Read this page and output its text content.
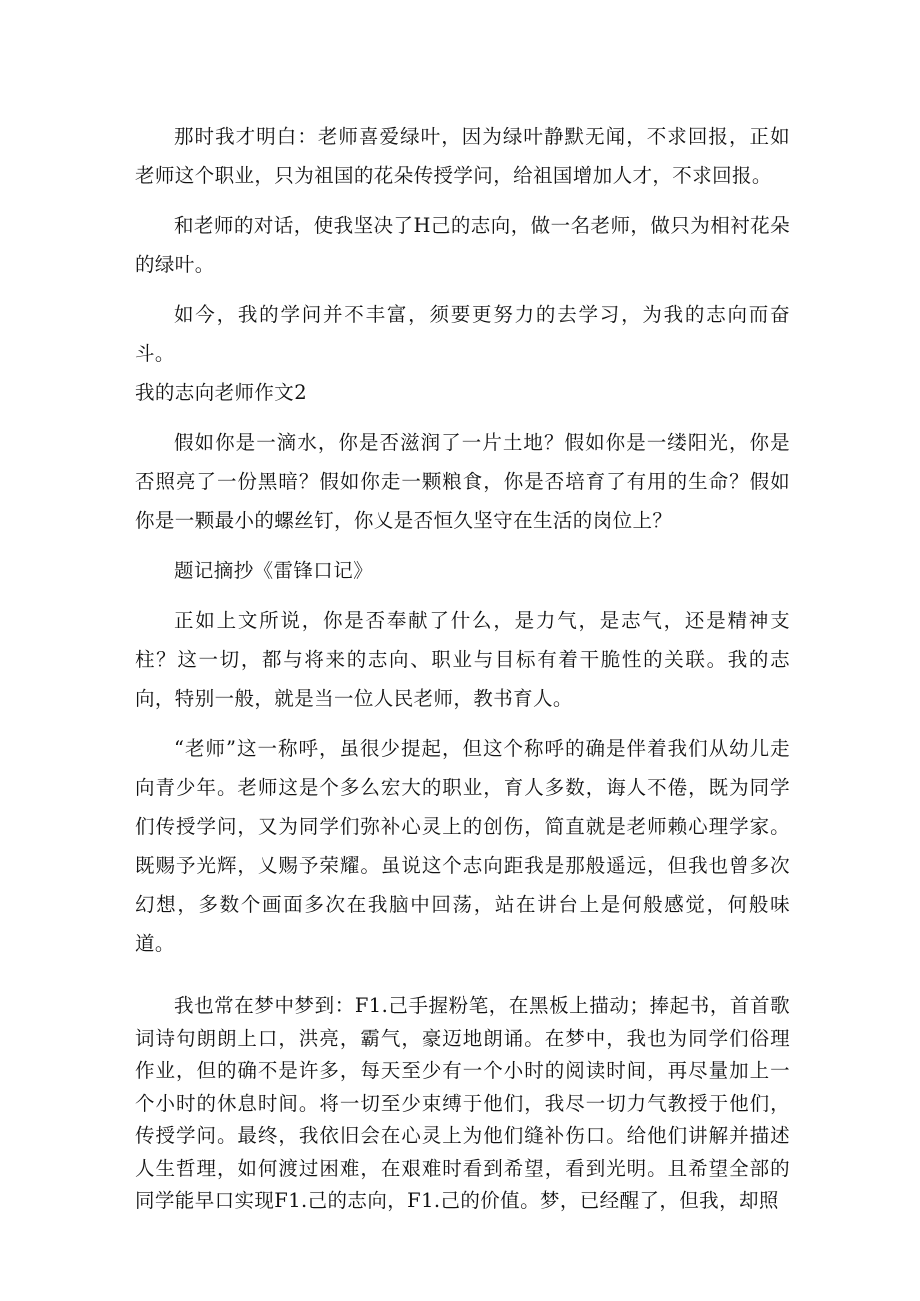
那时我才明白：老师喜爱绿叶，因为绿叶静默无闻，不求回报，正如老师这个职业，只为祖国的花朵传授学问，给祖国增加人才，不求回报。

和老师的对话，使我坚决了H己的志向，做一名老师，做只为相衬花朵的绿叶。

如今，我的学问并不丰富，须要更努力的去学习，为我的志向而奋斗。

我的志向老师作文2

假如你是一滴水，你是否滋润了一片土地？假如你是一缕阳光，你是否照亮了一份黑暗？假如你走一颗粮食，你是否培育了有用的生命？假如你是一颗最小的螺丝钉，你乂是否恒久坚守在生活的岗位上？

题记摘抄《雷锋口记》

正如上文所说，你是否奉献了什么，是力气，是志气，还是精神支柱？这一切，都与将来的志向、职业与目标有着干脆性的关联。我的志向，特别一般，就是当一位人民老师，教书育人。

“老师”这一称呼，虽很少提起，但这个称呼的确是伴着我们从幼儿走向青少年。老师这是个多么宏大的职业，育人多数，诲人不倦，既为同学们传授学问，又为同学们弥补心灵上的创伤，简直就是老师赖心理学家。既赐予光辉，乂赐予荣耀。虽说这个志向距我是那般遥远，但我也曾多次幻想，多数个画面多次在我脑中回荡，站在讲台上是何般感觉，何般味道。

我也常在梦中梦到：F1.己手握粉笔，在黑板上描动；捧起书，首首歌词诗句朗朗上口，洪亮，霸气，豪迈地朗诵。在梦中，我也为同学们俗理作业，但的确不是许多，每天至少有一个小时的阅读时间，再尽量加上一个小时的休息时间。将一切至少束缚于他们，我尽一切力气教授于他们，传授学问。最终，我依旧会在心灵上为他们缝补伤口。给他们讲解并描述人生哲理，如何渡过困难，在艰难时看到希望，看到光明。且希望全部的同学能早口实现F1.己的志向，F1.己的价值。梦，已经醒了，但我，却照
